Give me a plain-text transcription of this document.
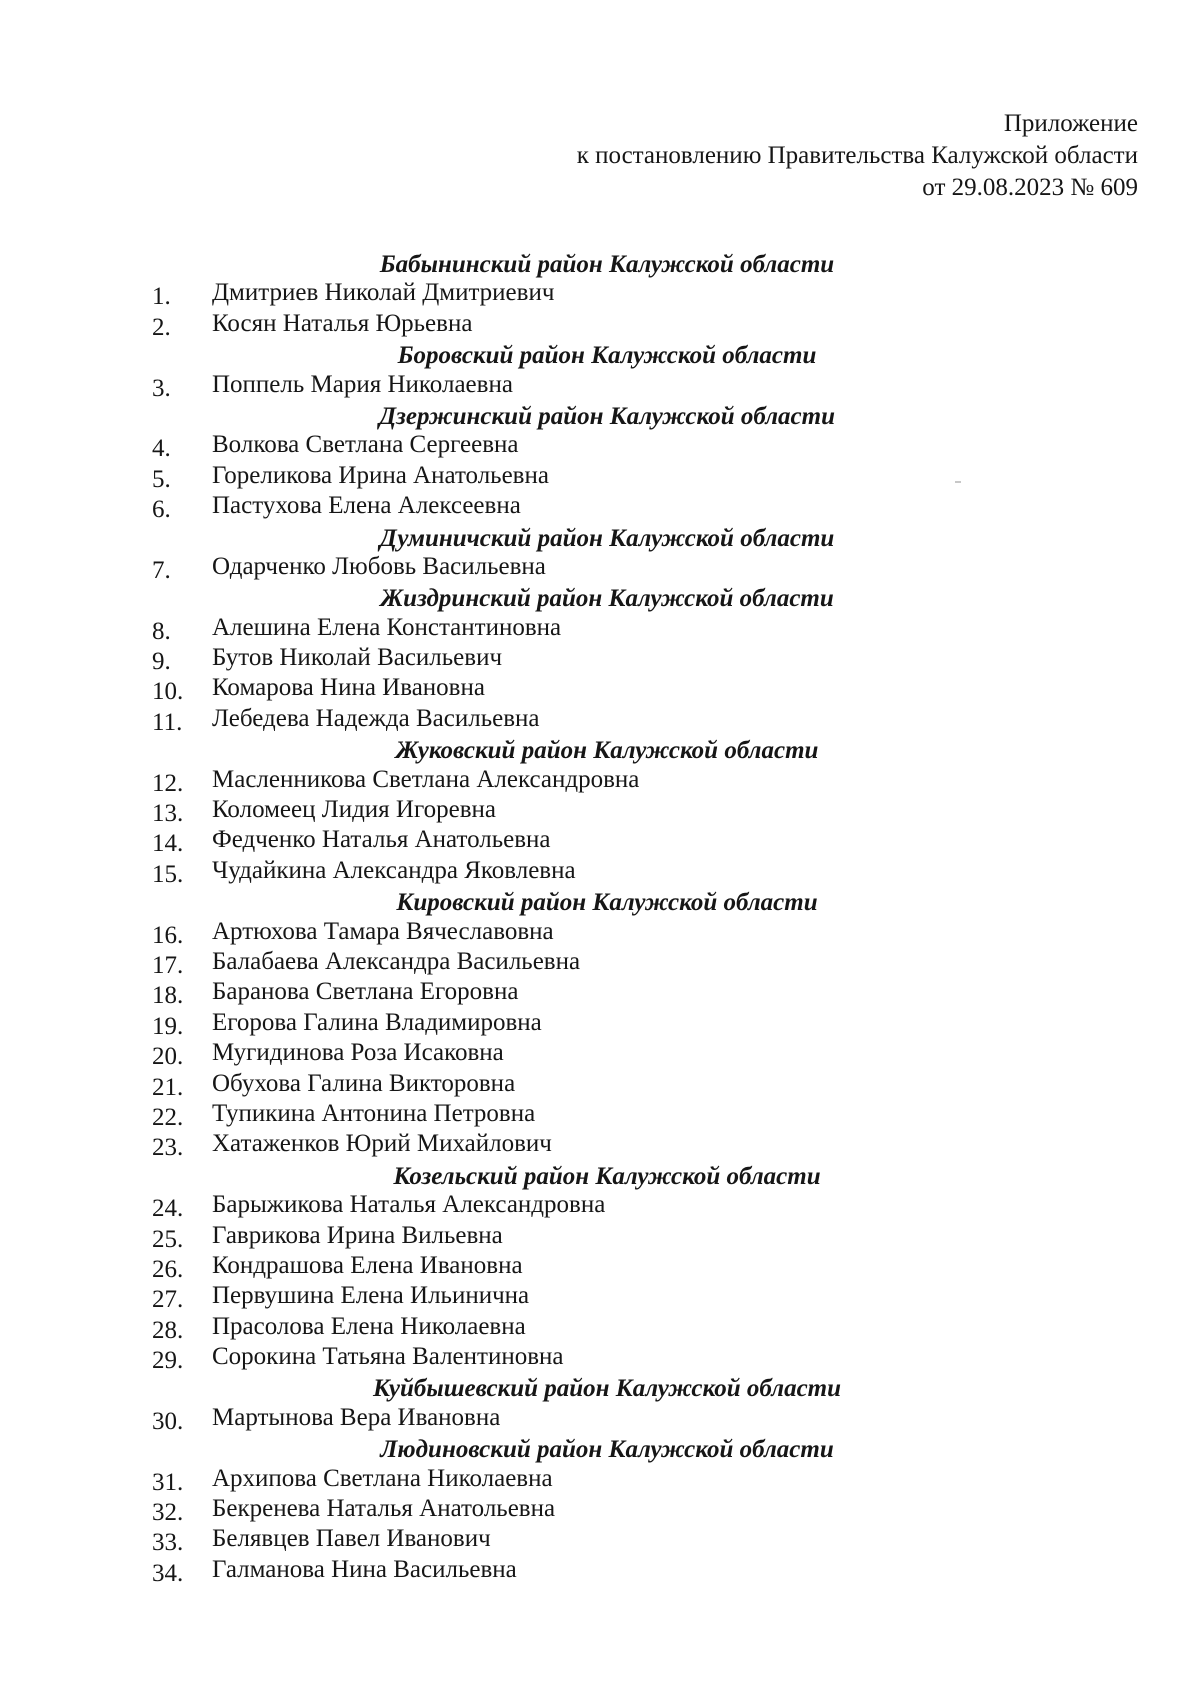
Приложение
к постановлению Правительства Калужской области
от 29.08.2023 № 609
Бабынинский район Калужской области
1. Дмитриев Николай Дмитриевич
2. Косян Наталья Юрьевна
Боровский район Калужской области
3. Поппель Мария Николаевна
Дзержинский район Калужской области
4. Волкова Светлана Сергеевна
5. Гореликова Ирина Анатольевна
6. Пастухова Елена Алексеевна
Думиничский район Калужской области
7. Одарченко Любовь Васильевна
Жиздринский район Калужской области
8. Алешина Елена Константиновна
9. Бутов Николай Васильевич
10. Комарова Нина Ивановна
11. Лебедева Надежда Васильевна
Жуковский район Калужской области
12. Масленникова Светлана Александровна
13. Коломеец Лидия Игоревна
14. Федченко Наталья Анатольевна
15. Чудайкина Александра Яковлевна
Кировский район Калужской области
16. Артюхова Тамара Вячеславовна
17. Балабаева Александра Васильевна
18. Баранова Светлана Егоровна
19. Егорова Галина Владимировна
20. Мугидинова Роза Исаковна
21. Обухова Галина Викторовна
22. Тупикина Антонина Петровна
23. Хатаженков Юрий Михайлович
Козельский район Калужской области
24. Барыжикова Наталья Александровна
25. Гаврикова Ирина Вильевна
26. Кондрашова Елена Ивановна
27. Первушина Елена Ильинична
28. Прасолова Елена Николаевна
29. Сорокина Татьяна Валентиновна
Куйбышевский район Калужской области
30. Мартынова Вера Ивановна
Людиновский район Калужской области
31. Архипова Светлана Николаевна
32. Бекренева Наталья Анатольевна
33. Белявцев Павел Иванович
34. Галманова Нина Васильевна
